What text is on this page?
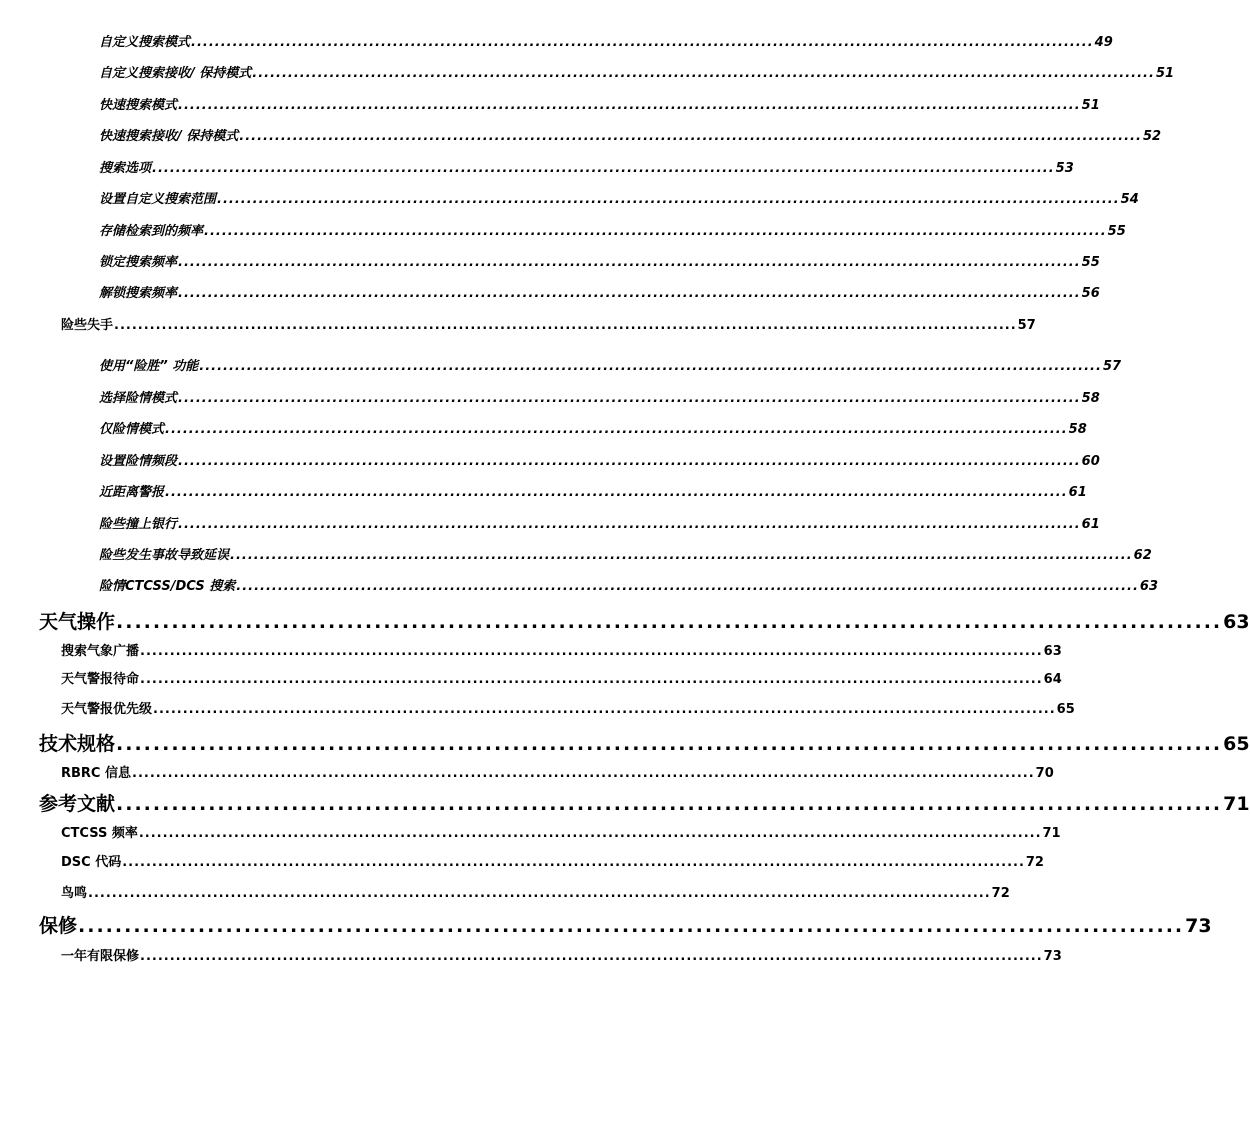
自定义搜索模式 ........................................................................................................................................................ 49
自定义搜索接收/ 保持模式 ........................................................................................................................................................ 51
快速搜索模式 ........................................................................................................................................................ 51
快速搜索接收/ 保持模式 ........................................................................................................................................................ 52
搜索选项 ........................................................................................................................................................ 53
设置自定义搜索范围 ........................................................................................................................................................ 54
存储检索到的频率 ........................................................................................................................................................ 55
锁定搜索频率 ........................................................................................................................................................ 55
解锁搜索频率 ........................................................................................................................................................ 56
险些失手 ........................................................................................................................................................ 57
使用“险胜” 功能 ........................................................................................................................................................ 57
选择险情模式 ........................................................................................................................................................ 58
仅险情模式 ........................................................................................................................................................ 58
设置险情频段 ........................................................................................................................................................ 60
近距离警报 ........................................................................................................................................................ 61
险些撞上银行 ........................................................................................................................................................ 61
险些发生事故导致延误 ........................................................................................................................................................ 62
险情CTCSS/DCS 搜索 ........................................................................................................................................................ 63
天气操作 ........................................................................................................................ 63
搜索气象广播 ........................................................................................................................................................ 63
天气警报待命 ........................................................................................................................................................ 64
天气警报优先级 ........................................................................................................................................................ 65
技术规格 ........................................................................................................................ 65
RBRC 信息 ........................................................................................................................................................ 70
参考文献 ........................................................................................................................ 71
CTCSS 频率 ........................................................................................................................................................ 71
DSC 代码 ........................................................................................................................................................ 72
鸟鸣 ........................................................................................................................................................ 72
保修 ........................................................................................................................ 73
一年有限保修 ........................................................................................................................................................ 73
